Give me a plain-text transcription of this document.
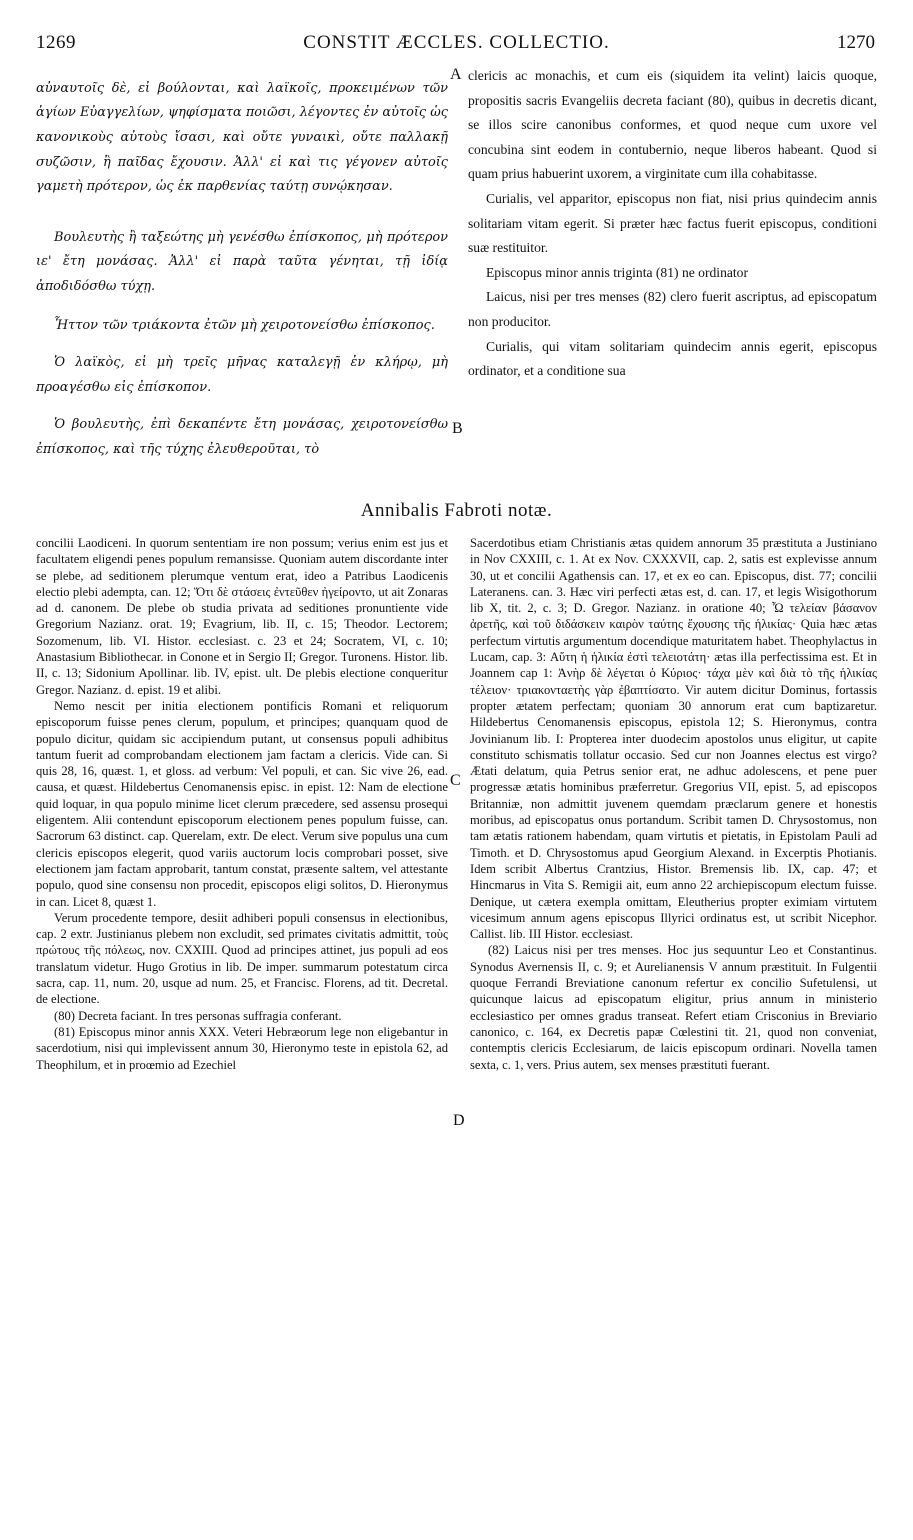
1269	CONSTIT ÆCCLES. COLLECTIO.	1270

αὐναυτοῖς δὲ, εἰ βούλονται, καὶ λαϊκοῖς, προκειμένων τῶν ἁγίων Εὐαγγελίων, ψηφίσματα ποιῶσι, λέγοντες ἐν αὐτοῖς ὡς κανονικοὺς αὐτοὺς ἴσασι, καὶ οὔτε γυναικὶ, οὔτε παλλακῇ συζῶσιν, ἢ παῖδας ἔχουσιν. Ἀλλ' εἰ καὶ τις γέγονεν αὐτοῖς γαμετὴ πρότερον, ὡς ἐκ παρθενίας ταύτῃ συνῴκησαν.

Βουλευτὴς ἢ ταξεώτης μὴ γενέσθω ἐπίσκοπος, μὴ πρότερον ιε' ἔτη μονάσας. Ἀλλ' εἰ παρὰ ταῦτα γένηται, τῇ ἰδίᾳ ἀποδιδόσθω τύχῃ.

Ἧττον τῶν τριάκοντα ἐτῶν μὴ χειροτονείσθω ἐπίσκοπος.

Ὁ λαϊκὸς, εἰ μὴ τρεῖς μῆνας καταλεγῇ ἐν κλήρῳ, μὴ προαγέσθω εἰς ἐπίσκοπον.

Ὁ βουλευτὴς, ἐπὶ δεκαπέντε ἔτη μονάσας, χειροτονείσθω ἐπίσκοπος, καὶ τῆς τύχης ἐλευθεροῦται, τὸ

clericis ac monachis, et cum eis (siquidem ita velint) laicis quoque, propositis sacris Evangeliis decreta faciant (80), quibus in decretis dicant, se illos scire canonibus conformes, et quod neque cum uxore vel concubina sint eodem in contubernio, neque liberos habeant. Quod si quam prius habuerint uxorem, a virginitate cum illa cohabitasse.

Curialis, vel apparitor, episcopus non fiat, nisi prius quindecim annis solitariam vitam egerit. Si præter hæc factus fuerit episcopus, conditioni suæ restituitor.

Episcopus minor annis triginta (81) ne ordinator

Laicus, nisi per tres menses (82) clero fuerit ascriptus, ad episcopatum non producitor.

Curialis, qui vitam solitariam quindecim annis egerit, episcopus ordinator, et a conditione sua

A
B
Annibalis Fabroti notæ.

concilii Laodiceni. In quorum sententiam ire non possum; verius enim est jus et facultatem eligendi penes populum remansisse. Quoniam autem discordante inter se plebe, ad seditionem plerumque ventum erat, ideo a Patribus Laodicenis electio plebi adempta, can. 12; Ὅτι δὲ στάσεις ἐντεῦθεν ἠγείροντο, ut ait Zonaras ad d. canonem. De plebe ob studia privata ad seditiones pronuntiente vide Gregorium Nazianz. orat. 19; Evagrium, lib. II, c. 15; Theodor. Lectorem; Sozomenum, lib. VI. Histor. ecclesiast. c. 23 et 24; Socratem, VI, c. 10; Anastasium Bibliothecar. in Conone et in Sergio II; Gregor. Turonens. Histor. lib. II, c. 13; Sidonium Apollinar. lib. IV, epist. ult. De plebis electione conqueritur Gregor. Nazianz. d. epist. 19 et alibi.

Nemo nescit per initia electionem pontificis Romani et reliquorum episcoporum fuisse penes clerum, populum, et principes; quanquam quod de populo dicitur, quidam sic accipiendum putant, ut consensus populi adhibitus tantum fuerit ad comprobandam electionem jam factam a clericis. Vide can. Si quis 28, 16, quæst. 1, et gloss. ad verbum: Vel populi, et can. Sic vive 26, ead. causa, et quæst. Hildebertus Cenomanensis episc. in epist. 12: Nam de electione quid loquar, in qua populo minime licet clerum præcedere, sed assensu prosequi eligentem. Alii contendunt episcoporum electionem penes populum fuisse, can. Sacrorum 63 distinct. cap. Querelam, extr. De elect. Verum sive populus una cum clericis episcopos elegerit, quod variis auctorum locis comprobari posset, sive electionem jam factam approbarit, tantum constat, præsente saltem, vel attestante populo, quod sine consensu non procedit, episcopos eligi solitos, D. Hieronymus in can. Licet 8, quæst 1.

Verum procedente tempore, desiit adhiberi populi consensus in electionibus, cap. 2 extr. Justinianus plebem non excludit, sed primates civitatis admittit, τοὺς πρώτους τῆς πόλεως, nov. CXXIII. Quod ad principes attinet, jus populi ad eos translatum videtur. Hugo Grotius in lib. De imper. summarum potestatum circa sacra, cap. 11, num. 20, usque ad num. 25, et Francisc. Florens, ad tit. Decretal. de electione.

(80) Decreta faciant. In tres personas suffragia conferant.

(81) Episcopus minor annis XXX. Veteri Hebræorum lege non eligebantur in sacerdotium, nisi qui implevissent annum 30, Hieronymo teste in epistola 62, ad Theophilum, et in proœmio ad Ezechiel

Sacerdotibus etiam Christianis ætas quidem annorum 35 præstituta a Justiniano in Nov CXXIII, c. 1. At ex Nov. CXXXVII, cap. 2, satis est explevisse annum 30, ut et concilii Agathensis can. 17, et ex eo can. Episcopus, dist. 77; concilii Lateranens. can. 3. Hæc viri perfecti ætas est, d. can. 17, et legis Wisigothorum lib X, tit. 2, c. 3; D. Gregor. Nazianz. in oratione 40; Ὦ τελείαν βάσανον ἀρετῆς, καὶ τοῦ διδάσκειν καιρὸν ταύτης ἔχουσης τῆς ἡλικίας· Quia hæc ætas perfectum virtutis argumentum docendique maturitatem habet. Theophylactus in Lucam, cap. 3: Αὕτη ἡ ἡλικία ἐστὶ τελειοτάτη· ætas illa perfectissima est. Et in Joannem cap 1: Ἀνὴρ δὲ λέγεται ὁ Κύριος· τάχα μὲν καὶ διὰ τὸ τῆς ἡλικίας τέλειον· τριακονταετὴς γὰρ ἐβαπτίσατο. Vir autem dicitur Dominus, fortassis propter ætatem perfectam; quoniam 30 annorum erat cum baptizaretur. Hildebertus Cenomanensis episcopus, epistola 12; S. Hieronymus, contra Jovinianum lib. I: Propterea inter duodecim apostolos unus eligitur, ut capite constituto schismatis tollatur occasio. Sed cur non Joannes electus est virgo? Ætati delatum, quia Petrus senior erat, ne adhuc adolescens, et pene puer progressæ ætatis hominibus præferretur. Gregorius VII, epist. 5, ad episcopos Britanniæ, non admittit juvenem quemdam præclarum genere et honestis moribus, ad episcopatus onus portandum. Scribit tamen D. Chrysostomus, non tam ætatis rationem habendam, quam virtutis et pietatis, in Epistolam Pauli ad Timoth. et D. Chrysostomus apud Georgium Alexand. in Excerptis Photianis. Idem scribit Albertus Crantzius, Histor. Bremensis lib. IX, cap. 47; et Hincmarus in Vita S. Remigii ait, eum anno 22 archiepiscopum electum fuisse. Denique, ut cætera exempla omittam, Eleutherius propter eximiam virtutem vicesimum annum agens episcopus Illyrici ordinatus est, ut scribit Nicephor. Callist. lib. III Histor. ecclesiast.

(82) Laicus nisi per tres menses. Hoc jus sequuntur Leo et Constantinus. Synodus Avernensis II, c. 9; et Aurelianensis V annum præstituit. In Fulgentii quoque Ferrandi Breviatione canonum refertur ex concilio Sufetulensi, ut quicunque laicus ad episcopatum eligitur, prius annum in ministerio ecclesiastico per omnes gradus transeat. Refert etiam Crisconius in Breviario canonico, c. 164, ex Decretis papæ Cœlestini tit. 21, quod non conveniat, contemptis clericis Ecclesiarum, de laicis episcopum ordinari. Novella tamen sexta, c. 1, vers. Prius autem, sex menses præstituti fuerant.

C
D
